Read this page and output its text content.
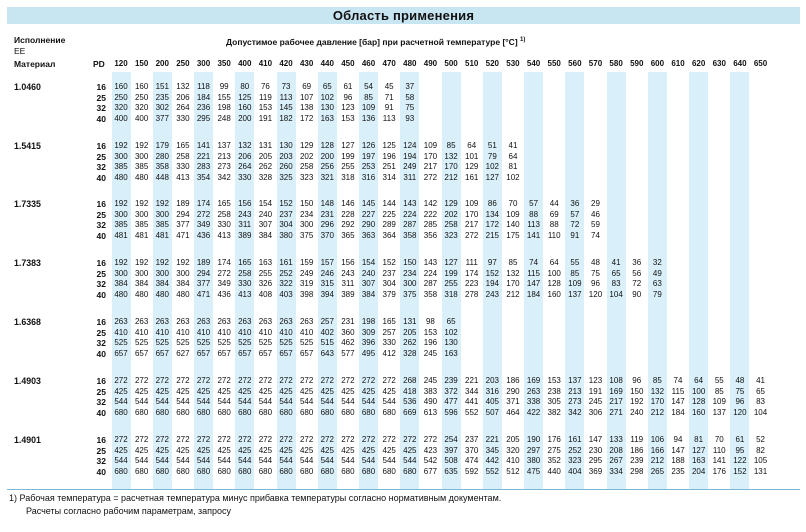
Область применения
Исполнение
EE
Материал	PD
Допустимое рабочее давление [бар] при расчетной температуре [°C] $^{1)}$
120 150 200 250 300 350 400 410 420 430 440 450 460 470 480 490 500 510 520 530 540 550 560 570 580 590 600 610 620 630 640 650
1.0460	16	160 160 151 132 118	99	80	76	73	69	65	61	54	45	37
25	250 250 235 206 184 155 125 119 113 107 102	96	85	71	58
32	320 320 302 264 236 198 160 153 145 138 130 123 109	91	75
40	400 400 377 330 295 248 200 191 182 172 163 153 136 113	93
1.5415	16	192 192 179 165 141 137 132 131 130 129 128 127 126 125 124 109	85	64	51	41
25	300 300 280 258 221 213 206 205 203 202 200 199 197 196 194 170 132 101	79	64
32	385 385 358 330 283 273 264 262 260 258 256 255 253 251 249 217 170 129 102	81
40	480 480 448 413 354 342 330 328 325 323 321 318 316 314 311 272 212 161 127 102
1.7335	16	192 192 192 189 174 165 156 154 152 150 148 146 145 144 143 142 129 109	86	70	57	44	36	29
25	300 300 300 294 272 258 243 240 237 234 231 228 227 225 224 222 202 170 134 109	88	69	57	46
32	385 385 385 377 349 330 311 307 304 300 296 292 290 289 287 285 258 217 172 140 113	88	72	59
40	481 481 481 471 436 413 389 384 380 375 370 365 363 364 358 356 323 272 215 175 141 110	91	74
1.7383	16	192 192 192 192 189 174 165 163 161 159 157 156 154 152 150 143 127 111	97	85	74	64	55	48	41	36	32
25	300 300 300 300 294 272 258 255 252 249 246 243 240 237 234 224 199 174 152 132 115 100	85	75	65	56	49
32	384 384 384 384 377 349 330 326 322 319 315 311 307 304 300 287 255 223 194 170 147 128 109	96	83	72	63
40	480 480 480 480 471 436 413 408 403 398 394 389 384 379 375 358 318 278 243 212 184 160 137 120 104	90	79
1.6368	16	263 263 263 263 263 263 263 263 263 263 257 231 198 165 131	98	65
25	410 410 410 410 410 410 410 410 410 410 402 360 309 257 205 153 102
32	525 525 525 525 525 525 525 525 525 525 515 462 396 330 262 196 130
40	657 657 657 627 657 657 657 657 657 657 643 577 495 412 328 245 163
1.4903	16	272 272 272 272 272 272 272 272 272 272 272 272 272 272 268 245 239 221 203 186 169 153 137 123 108	96	85	74	64	55	48	41
25	425 425 425 425 425 425 425 425 425 425 425 425 425 425 418 383 372 344 316 290 263 238 213 191 169 150 132 115 100	85	75	65
32	544 544 544 544 544 544 544 544 544 544 544 544 544 544 536 490 477 441 405 371 338 305 273 245 217 192 170 147 128 109	96	83
40	680 680 680 680 680 680 680 680 680 680 680 680 680 680 669 613 596 552 507 464 422 382 342 306 271 240 212 184 160 137 120 104
1.4901	16	272 272 272 272 272 272 272 272 272 272 272 272 272 272 272 272 254 237 221 205 190 176 161 147 133 119 106	94	81	70	61	52
25	425 425 425 425 425 425 425 425 425 425 425 425 425 425 425 423 397 370 345 320 297 275 252 230 208 186 166 147 127 110	95	82
32	544 544 544 544 544 544 544 544 544 544 544 544 544 544 544 542 508 474 442 410 380 352 323 295 267 239 212 188 163 141 122 105
40	680 680 680 680 680 680 680 680 680 680 680 680 680 680 680 677 635 592 552 512 475 440 404 369 334 298 265 235 204 176 152 131
1) Рабочая температура = расчетная температура минус прибавка температуры согласно нормативным документам.
Расчеты согласно рабочим параметрам, запросу
